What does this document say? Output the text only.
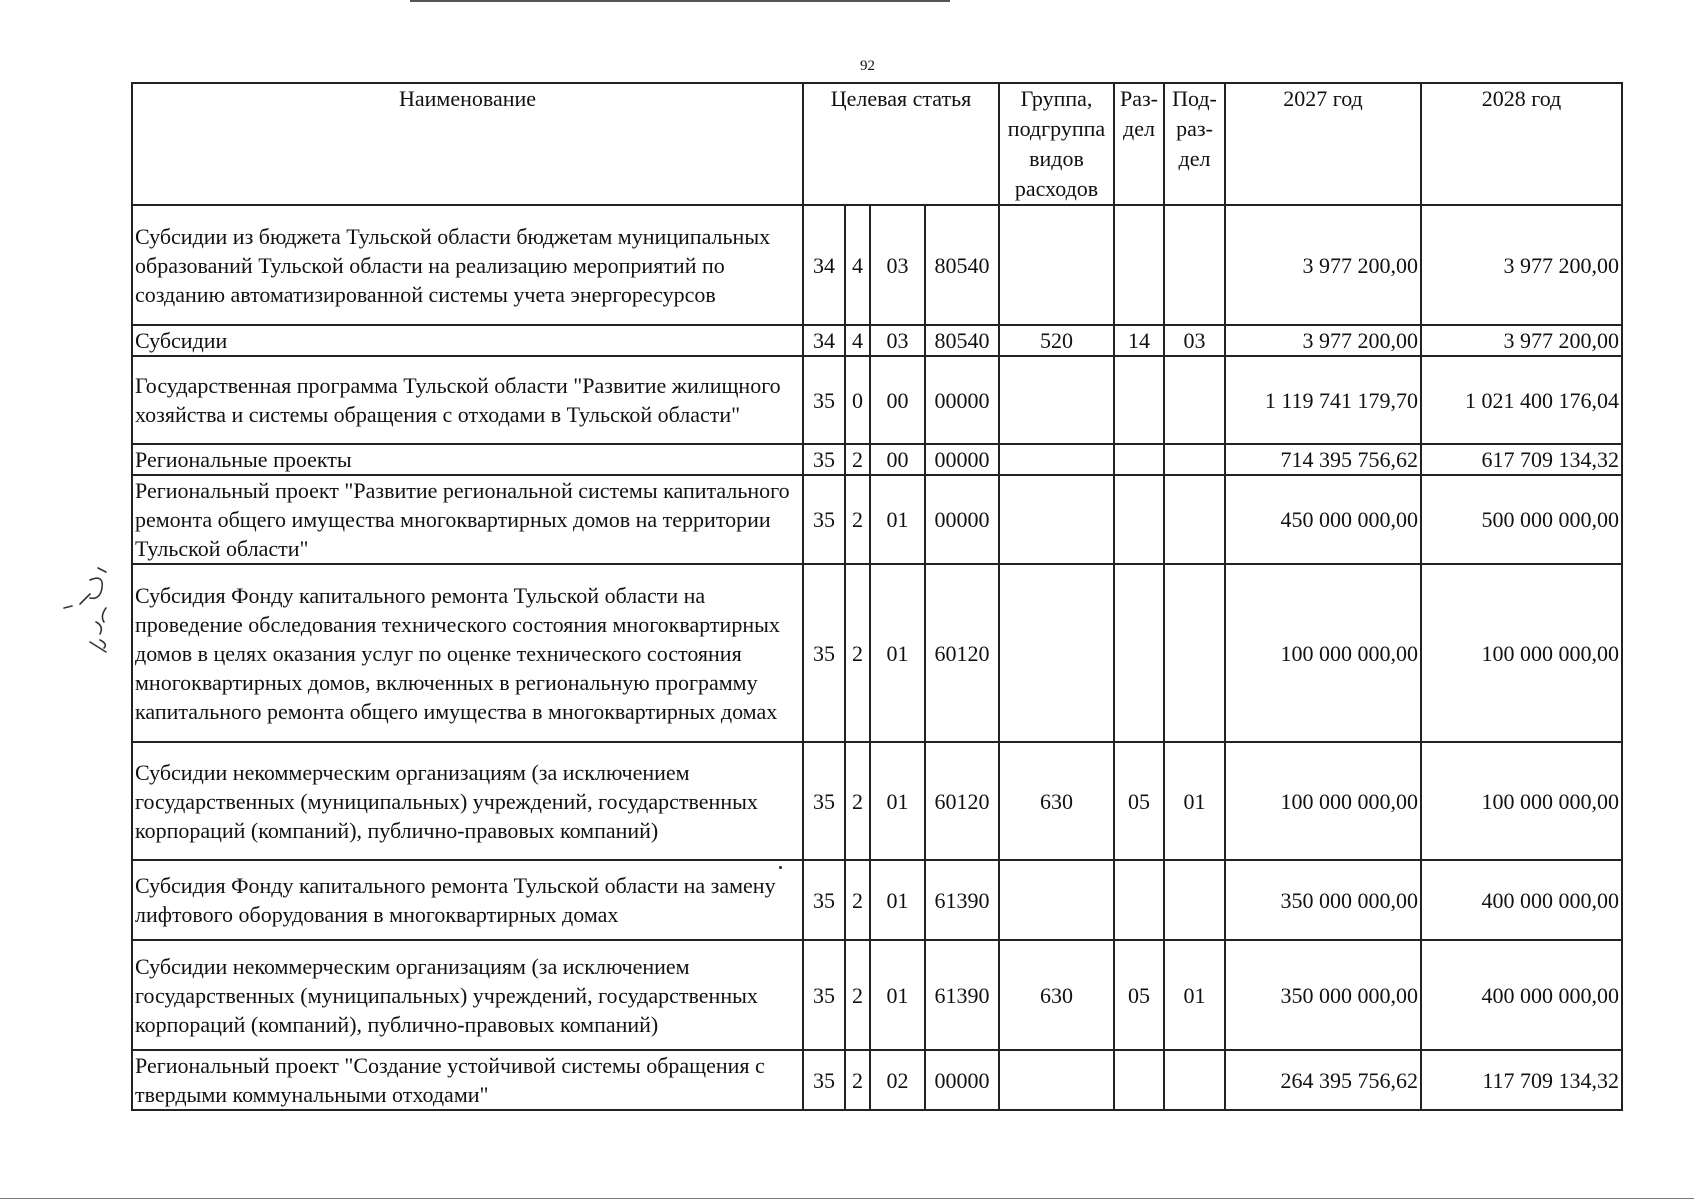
92
Наименование	Целевая статья				Группа, подгруппа видов расходов	Раз- дел	Под- раз- дел	2027 год	2028 год
Субсидии из бюджета Тульской области бюджетам муниципальных образований Тульской области на реализацию мероприятий по созданию автоматизированной системы учета энергоресурсов	34	4	03	80540				3 977 200,00	3 977 200,00
Субсидии	34	4	03	80540	520	14	03	3 977 200,00	3 977 200,00
Государственная программа Тульской области "Развитие жилищного хозяйства и системы обращения с отходами в Тульской области"	35	0	00	00000				1 119 741 179,70	1 021 400 176,04
Региональные проекты	35	2	00	00000				714 395 756,62	617 709 134,32
Региональный проект "Развитие региональной системы капитального ремонта общего имущества многоквартирных домов на территории Тульской области"	35	2	01	00000				450 000 000,00	500 000 000,00
Субсидия Фонду капитального ремонта Тульской области на проведение обследования технического состояния многоквартирных домов в целях оказания услуг по оценке технического состояния многоквартирных домов, включенных в региональную программу капитального ремонта общего имущества в многоквартирных домах	35	2	01	60120				100 000 000,00	100 000 000,00
Субсидии некоммерческим организациям (за исключением государственных (муниципальных) учреждений, государственных корпораций (компаний), публично-правовых компаний)	35	2	01	60120	630	05	01	100 000 000,00	100 000 000,00
Субсидия Фонду капитального ремонта Тульской области на замену лифтового оборудования в многоквартирных домах	35	2	01	61390				350 000 000,00	400 000 000,00
Субсидии некоммерческим организациям (за исключением государственных (муниципальных) учреждений, государственных корпораций (компаний), публично-правовых компаний)	35	2	01	61390	630	05	01	350 000 000,00	400 000 000,00
Региональный проект "Создание устойчивой системы обращения с твердыми коммунальными отходами"	35	2	02	00000				264 395 756,62	117 709 134,32
